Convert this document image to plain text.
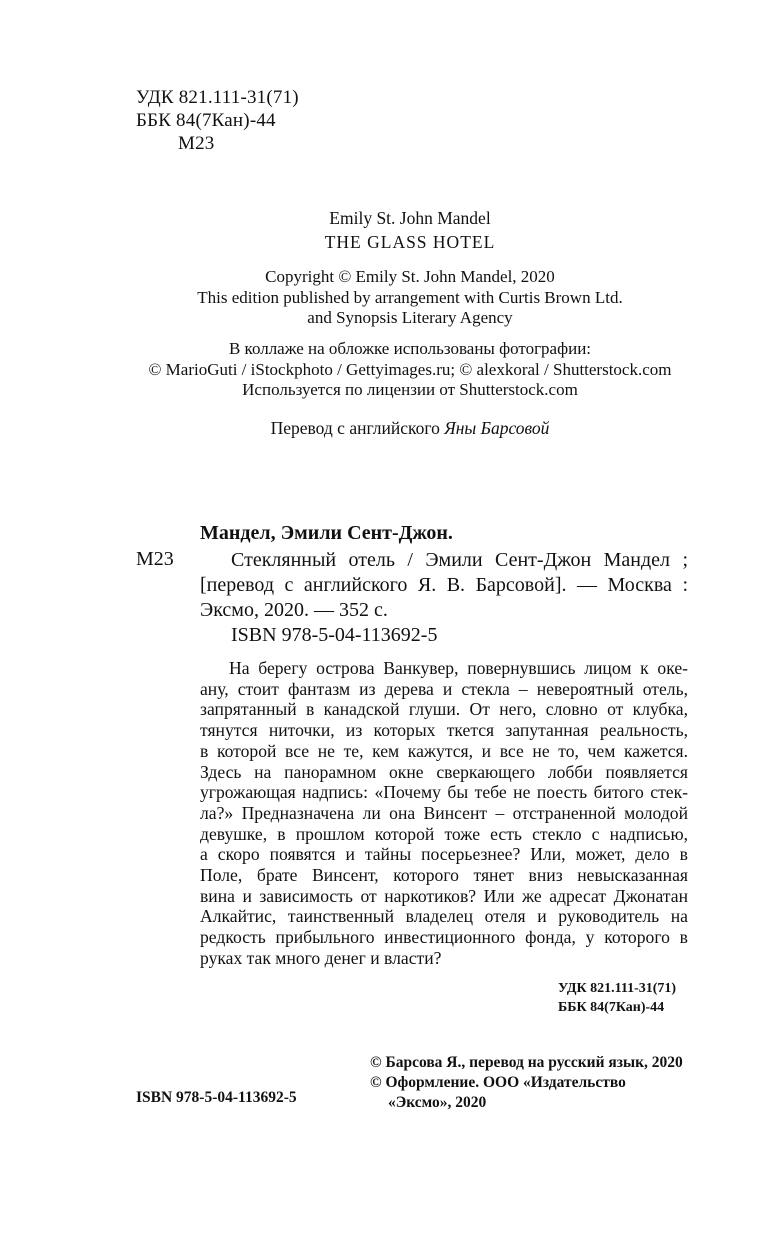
УДК 821.111-31(71)
ББК 84(7Кан)-44
М23
Emily St. John Mandel
THE GLASS HOTEL
Copyright © Emily St. John Mandel, 2020
This edition published by arrangement with Curtis Brown Ltd.
and Synopsis Literary Agency
В коллаже на обложке использованы фотографии:
© MarioGuti / iStockphoto / Gettyimages.ru; © alexkoral / Shutterstock.com
Используется по лицензии от Shutterstock.com
Перевод с английского Яны Барсовой
Мандел, Эмили Сент-Джон.
М23	Стеклянный отель / Эмили Сент-Джон Мандел ;
[перевод с английского Я. В. Барсовой]. — Москва :
Эксмо, 2020. — 352 с.
ISBN 978-5-04-113692-5
На берегу острова Ванкувер, повернувшись лицом к оке-
ану, стоит фантазм из дерева и стекла – невероятный отель,
запрятанный в канадской глуши. От него, словно от клубка,
тянутся ниточки, из которых ткется запутанная реальность,
в которой все не те, кем кажутся, и все не то, чем кажется.
Здесь на панорамном окне сверкающего лобби появляется
угрожающая надпись: «Почему бы тебе не поесть битого стек-
ла?» Предназначена ли она Винсент – отстраненной молодой
девушке, в прошлом которой тоже есть стекло с надписью,
а скоро появятся и тайны посерьезнее? Или, может, дело в
Поле, брате Винсент, которого тянет вниз невысказанная
вина и зависимость от наркотиков? Или же адресат Джонатан
Алкайтис, таинственный владелец отеля и руководитель на
редкость прибыльного инвестиционного фонда, у которого в
руках так много денег и власти?
УДК 821.111-31(71)
ББК 84(7Кан)-44
ISBN 978-5-04-113692-5
© Барсова Я., перевод на русский язык, 2020
© Оформление. ООО «Издательство
«Эксмо», 2020
